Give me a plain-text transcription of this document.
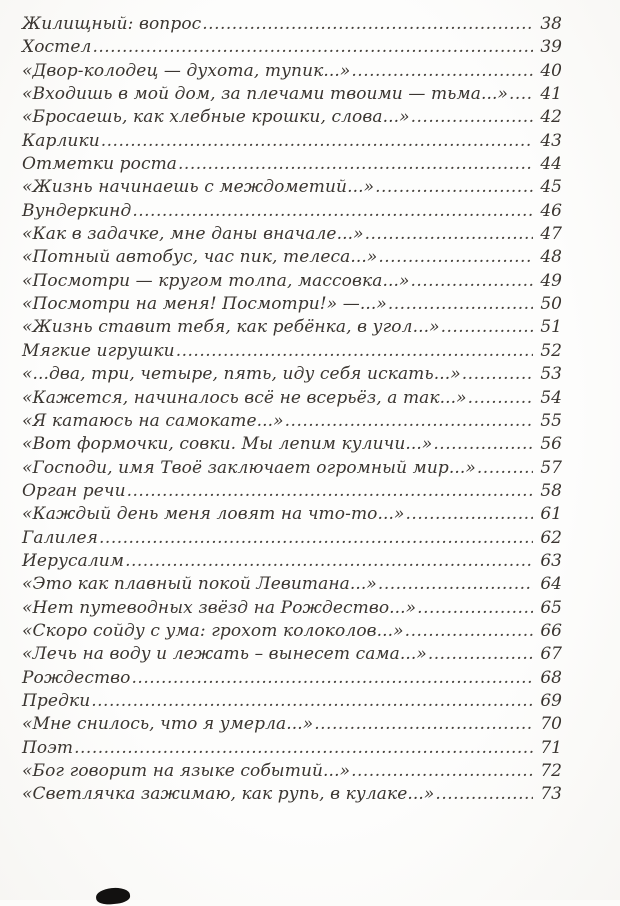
Жилищный: вопрос .....	38
Хостел .....	39
«Двор-колодец — духота, тупик...» .....	40
«Входишь в мой дом, за плечами твоими — тьма...» ..... 41
«Бросаешь, как хлебные крошки, слова...» .....	42
Карлики .....	43
Отметки роста .....	44
«Жизнь начинаешь с междометий...» .....	45
Вундеркинд .....	46
«Как в задачке, мне даны вначале...» .....	47
«Потный автобус, час пик, телеса...» .....	48
«Посмотри — кругом толпа, массовка...» .....	49
«Посмотри на меня! Посмотри!» —...» .....	50
«Жизнь ставит тебя, как ребёнка, в угол...» .....	51
Мягкие игрушки .....	52
«...два, три, четыре, пять, иду себя искать...» .....	53
«Кажется, начиналось всё не всерьёз, а так...» .....	54
«Я катаюсь на самокате...» .....	55
«Вот формочки, совки. Мы лепим куличи...» .....	56
«Господи, имя Твоё заключает огромный мир...» .....	57
Орган речи .....	58
«Каждый день меня ловят на что-то...» .....	61
Галилея .....	62
Иерусалим .....	63
«Это как плавный покой Левитана...» .....	64
«Нет путеводных звёзд на Рождество...» .....	65
«Скоро сойду с ума: грохот колоколов...» .....	66
«Лечь на воду и лежать – вынесет сама...» .....	67
Рождество .....	68
Предки .....	69
«Мне снилось, что я умерла...» .....	70
Поэт .....	71
«Бог говорит на языке событий...» .....	72
«Светлячка зажимаю, как рупь, в кулаке...» .....	73
